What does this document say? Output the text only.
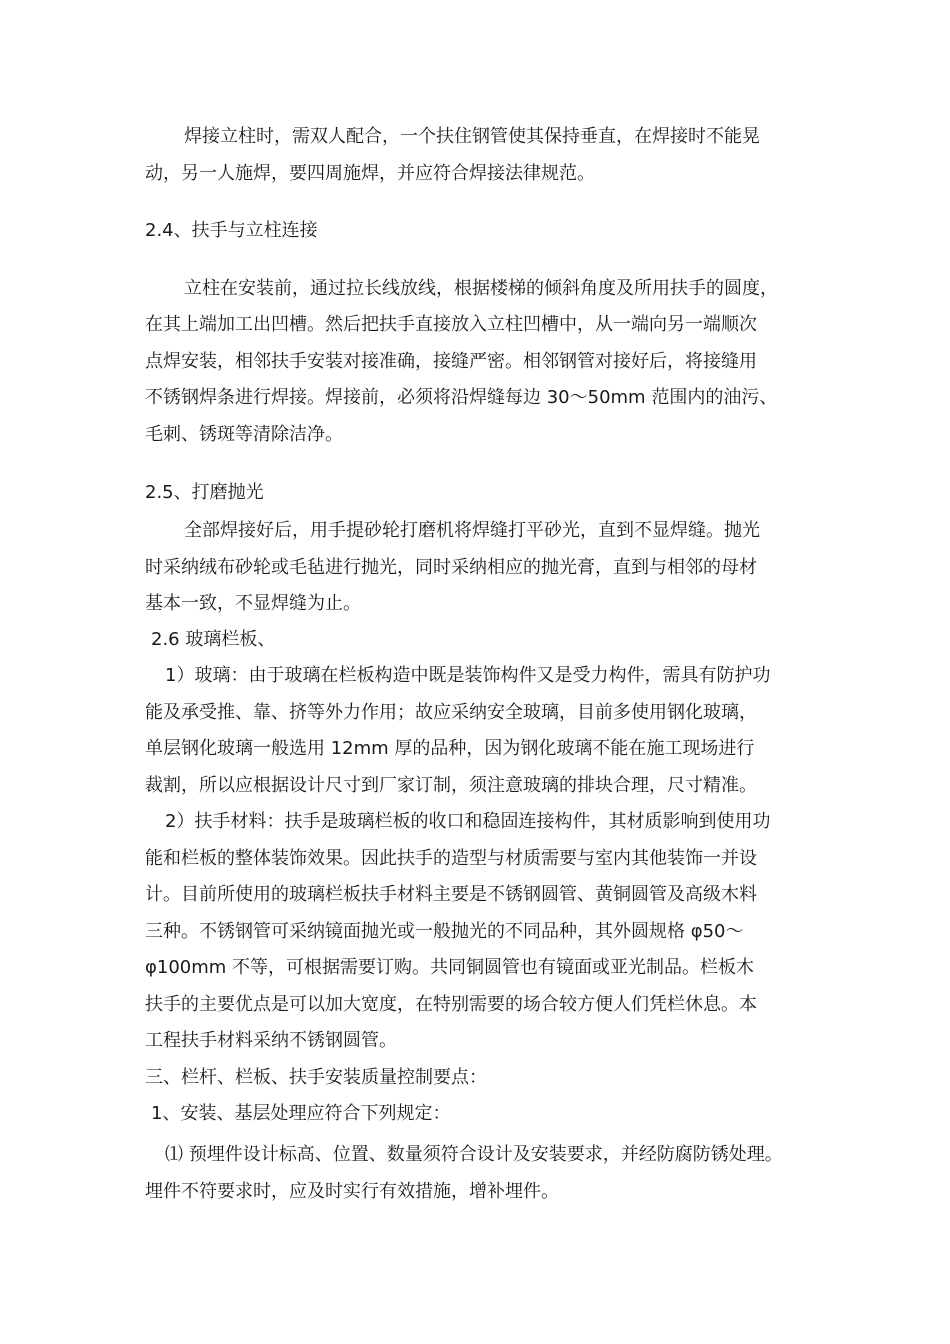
焊接立柱时，需双人配合，一个扶住钢管使其保持垂直，在焊接时不能晃
动，另一人施焊，要四周施焊，并应符合焊接法律规范。
2.4、扶手与立柱连接
立柱在安装前，通过拉长线放线，根据楼梯的倾斜角度及所用扶手的圆度，
在其上端加工出凹槽。然后把扶手直接放入立柱凹槽中，从一端向另一端顺次
点焊安装，相邻扶手安装对接准确，接缝严密。相邻钢管对接好后，将接缝用
不锈钢焊条进行焊接。焊接前，必须将沿焊缝每边 30～50mm 范围内的油污、
毛刺、锈斑等清除洁净。
2.5、打磨抛光
全部焊接好后，用手提砂轮打磨机将焊缝打平砂光，直到不显焊缝。抛光
时采纳绒布砂轮或毛毡进行抛光，同时采纳相应的抛光膏，直到与相邻的母材
基本一致，不显焊缝为止。
2.6 玻璃栏板、
1）玻璃：由于玻璃在栏板构造中既是装饰构件又是受力构件，需具有防护功
能及承受推、靠、挤等外力作用；故应采纳安全玻璃，目前多使用钢化玻璃，
单层钢化玻璃一般选用 12mm 厚的品种，因为钢化玻璃不能在施工现场进行
裁割，所以应根据设计尺寸到厂家订制，须注意玻璃的排块合理，尺寸精准。
2）扶手材料：扶手是玻璃栏板的收口和稳固连接构件，其材质影响到使用功
能和栏板的整体装饰效果。因此扶手的造型与材质需要与室内其他装饰一并设
计。目前所使用的玻璃栏板扶手材料主要是不锈钢圆管、黄铜圆管及高级木料
三种。不锈钢管可采纳镜面抛光或一般抛光的不同品种，其外圆规格 φ50～
φ100mm 不等，可根据需要订购。共同铜圆管也有镜面或亚光制品。栏板木
扶手的主要优点是可以加大宽度，在特别需要的场合较方便人们凭栏休息。本
工程扶手材料采纳不锈钢圆管。
三、栏杆、栏板、扶手安装质量控制要点：
1、安装、基层处理应符合下列规定：
⑴ 预埋件设计标高、位置、数量须符合设计及安装要求，并经防腐防锈处理。
埋件不符要求时，应及时实行有效措施，增补埋件。
